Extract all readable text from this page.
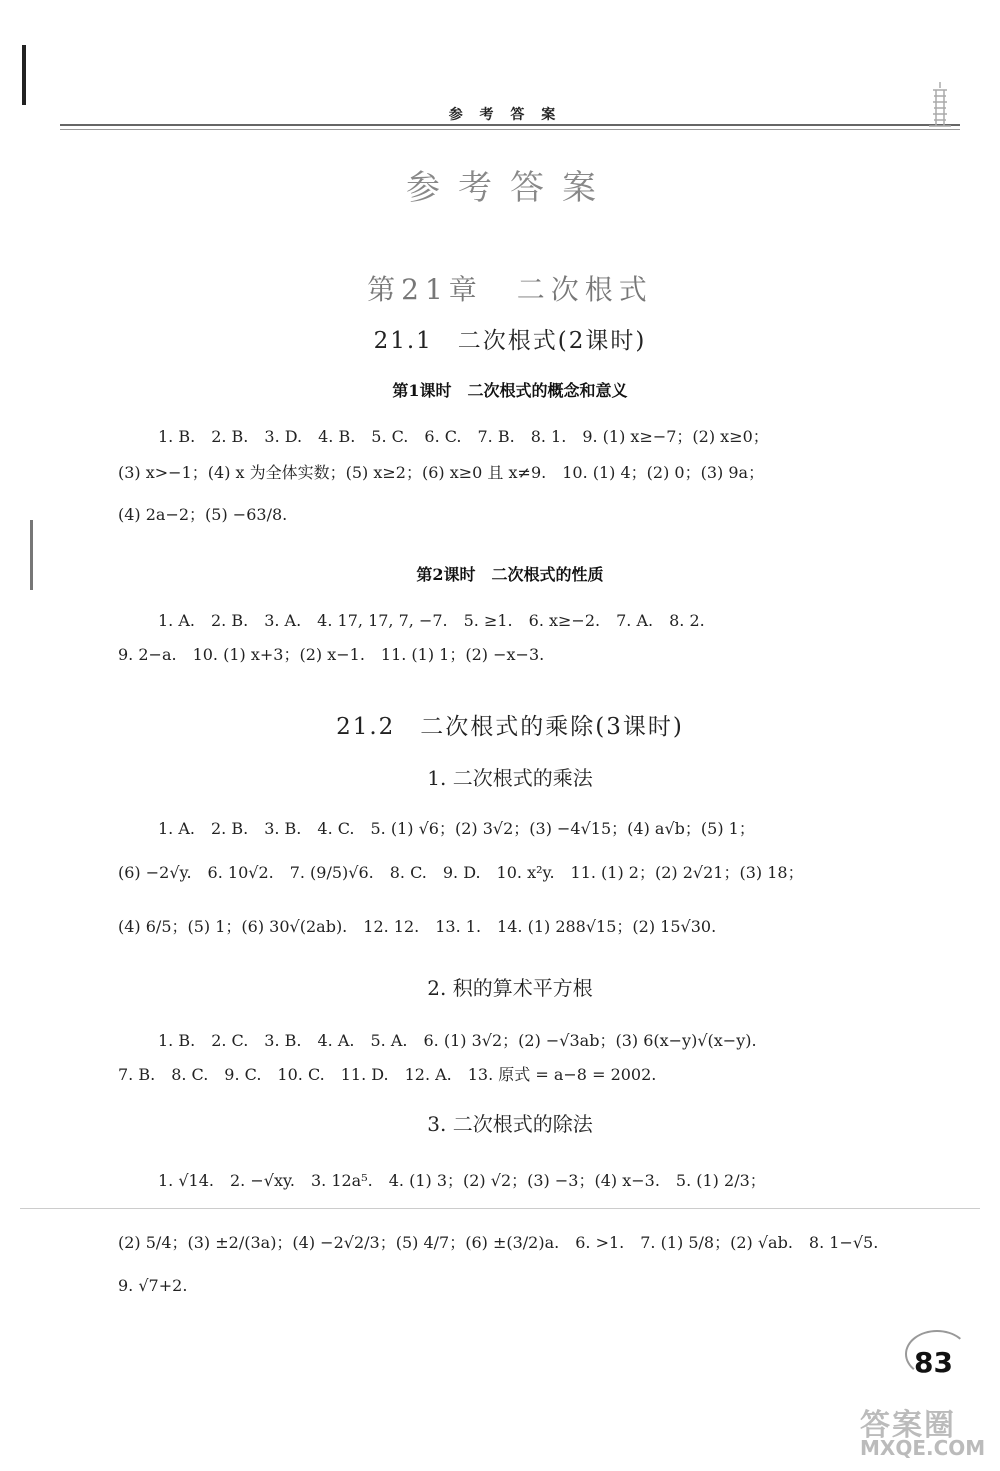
参 考 答 案
参考答案
第21章　二次根式
21.1　二次根式(2课时)
第1课时　二次根式的概念和意义
1. B.　2. B.　3. D.　4. B.　5. C.　6. C.　7. B.　8. 1.　9. (1) x≥−7；(2) x≥0；
(3) x>−1；(4) x 为全体实数；(5) x≥2；(6) x≥0 且 x≠9.　10. (1) 4；(2) 0；(3) 9a；
(4) 2a−2；(5) −63/8.
第2课时　二次根式的性质
1. A.　2. B.　3. A.　4. 17, 17, 7, −7.　5. ≥1.　6. x≥−2.　7. A.　8. 2.
9. 2−a.　10. (1) x+3；(2) x−1.　11. (1) 1；(2) −x−3.
21.2　二次根式的乘除(3课时)
1. 二次根式的乘法
1. A.　2. B.　3. B.　4. C.　5. (1) √6；(2) 3√2；(3) −4√15；(4) a√b；(5) 1；
(6) −2√y.　6. 10√2.　7. (9/5)√6.　8. C.　9. D.　10. x²y.　11. (1) 2；(2) 2√21；(3) 18；
(4) 6/5；(5) 1；(6) 30√(2ab).　12. 12.　13. 1.　14. (1) 288√15；(2) 15√30.
2. 积的算术平方根
1. B.　2. C.　3. B.　4. A.　5. A.　6. (1) 3√2；(2) −√3ab；(3) 6(x−y)√(x−y).
7. B.　8. C.　9. C.　10. C.　11. D.　12. A.　13. 原式 = a−8 = 2002.
3. 二次根式的除法
1. √14.　2. −√xy.　3. 12a⁵.　4. (1) 3；(2) √2；(3) −3；(4) x−3.　5. (1) 2/3；
(2) 5/4；(3) ±2/(3a)；(4) −2√2/3；(5) 4/7；(6) ±(3/2)a.　6. >1.　7. (1) 5/8；(2) √ab.　8. 1−√5.
9. √7+2.
83
答案圈
MXQE.COM
